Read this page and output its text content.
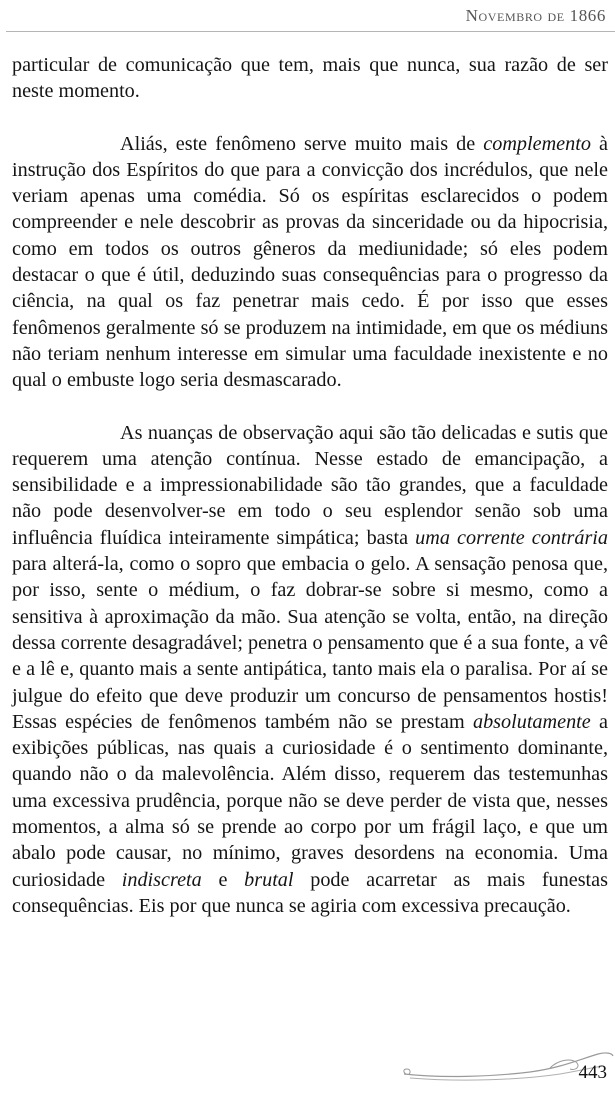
Novembro de 1866

particular de comunicação que tem, mais que nunca, sua razão de ser neste momento.

Aliás, este fenômeno serve muito mais de complemento à instrução dos Espíritos do que para a convicção dos incrédulos, que nele veriam apenas uma comédia. Só os espíritas esclarecidos o podem compreender e nele descobrir as provas da sinceridade ou da hipocrisia, como em todos os outros gêneros da mediunidade; só eles podem destacar o que é útil, deduzindo suas consequências para o progresso da ciência, na qual os faz penetrar mais cedo. É por isso que esses fenômenos geralmente só se produzem na intimidade, em que os médiuns não teriam nenhum interesse em simular uma faculdade inexistente e no qual o embuste logo seria desmascarado.

As nuanças de observação aqui são tão delicadas e sutis que requerem uma atenção contínua. Nesse estado de emancipação, a sensibilidade e a impressionabilidade são tão grandes, que a faculdade não pode desenvolver-se em todo o seu esplendor senão sob uma influência fluídica inteiramente simpática; basta uma corrente contrária para alterá-la, como o sopro que embacia o gelo. A sensação penosa que, por isso, sente o médium, o faz dobrar-se sobre si mesmo, como a sensitiva à aproximação da mão. Sua atenção se volta, então, na direção dessa corrente desagradável; penetra o pensamento que é a sua fonte, a vê e a lê e, quanto mais a sente antipática, tanto mais ela o paralisa. Por aí se julgue do efeito que deve produzir um concurso de pensamentos hostis! Essas espécies de fenômenos também não se prestam absolutamente a exibições públicas, nas quais a curiosidade é o sentimento dominante, quando não o da malevolência. Além disso, requerem das testemunhas uma excessiva prudência, porque não se deve perder de vista que, nesses momentos, a alma só se prende ao corpo por um frágil laço, e que um abalo pode causar, no mínimo, graves desordens na economia. Uma curiosidade indiscreta e brutal pode acarretar as mais funestas consequências. Eis por que nunca se agiria com excessiva precaução.

443
